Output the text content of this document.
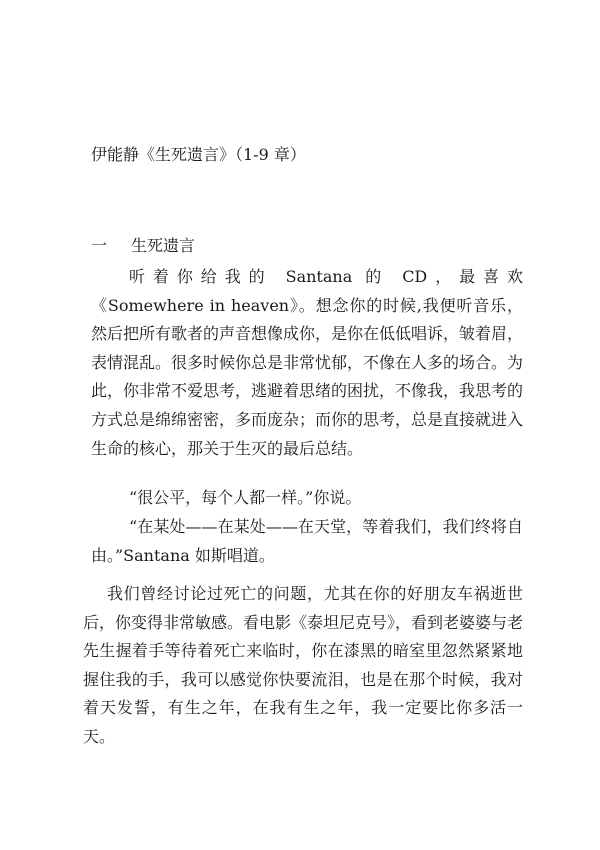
伊能静《生死遗言》（1-9 章）
一 生死遗言

听着你给我的 Santana 的 CD，最喜欢《Somewhere in heaven》。想念你的时候,我便听音乐，然后把所有歌者的声音想像成你，是你在低低唱诉，皱着眉，表情混乱。很多时候你总是非常忧郁，不像在人多的场合。为此，你非常不爱思考，逃避着思绪的困扰，不像我，我思考的方式总是绵绵密密，多而庞杂；而你的思考，总是直接就进入生命的核心，那关于生灭的最后总结。

“很公平，每个人都一样。”你说。

“在某处——在某处——在天堂，等着我们，我们终将自由。”Santana 如斯唱道。

我们曾经讨论过死亡的问题，尤其在你的好朋友车祸逝世后，你变得非常敏感。看电影《泰坦尼克号》，看到老婆婆与老先生握着手等待着死亡来临时，你在漆黑的暗室里忽然紧紧地握住我的手，我可以感觉你快要流泪，也是在那个时候，我对着天发誓，有生之年，在我有生之年，我一定要比你多活一天。
